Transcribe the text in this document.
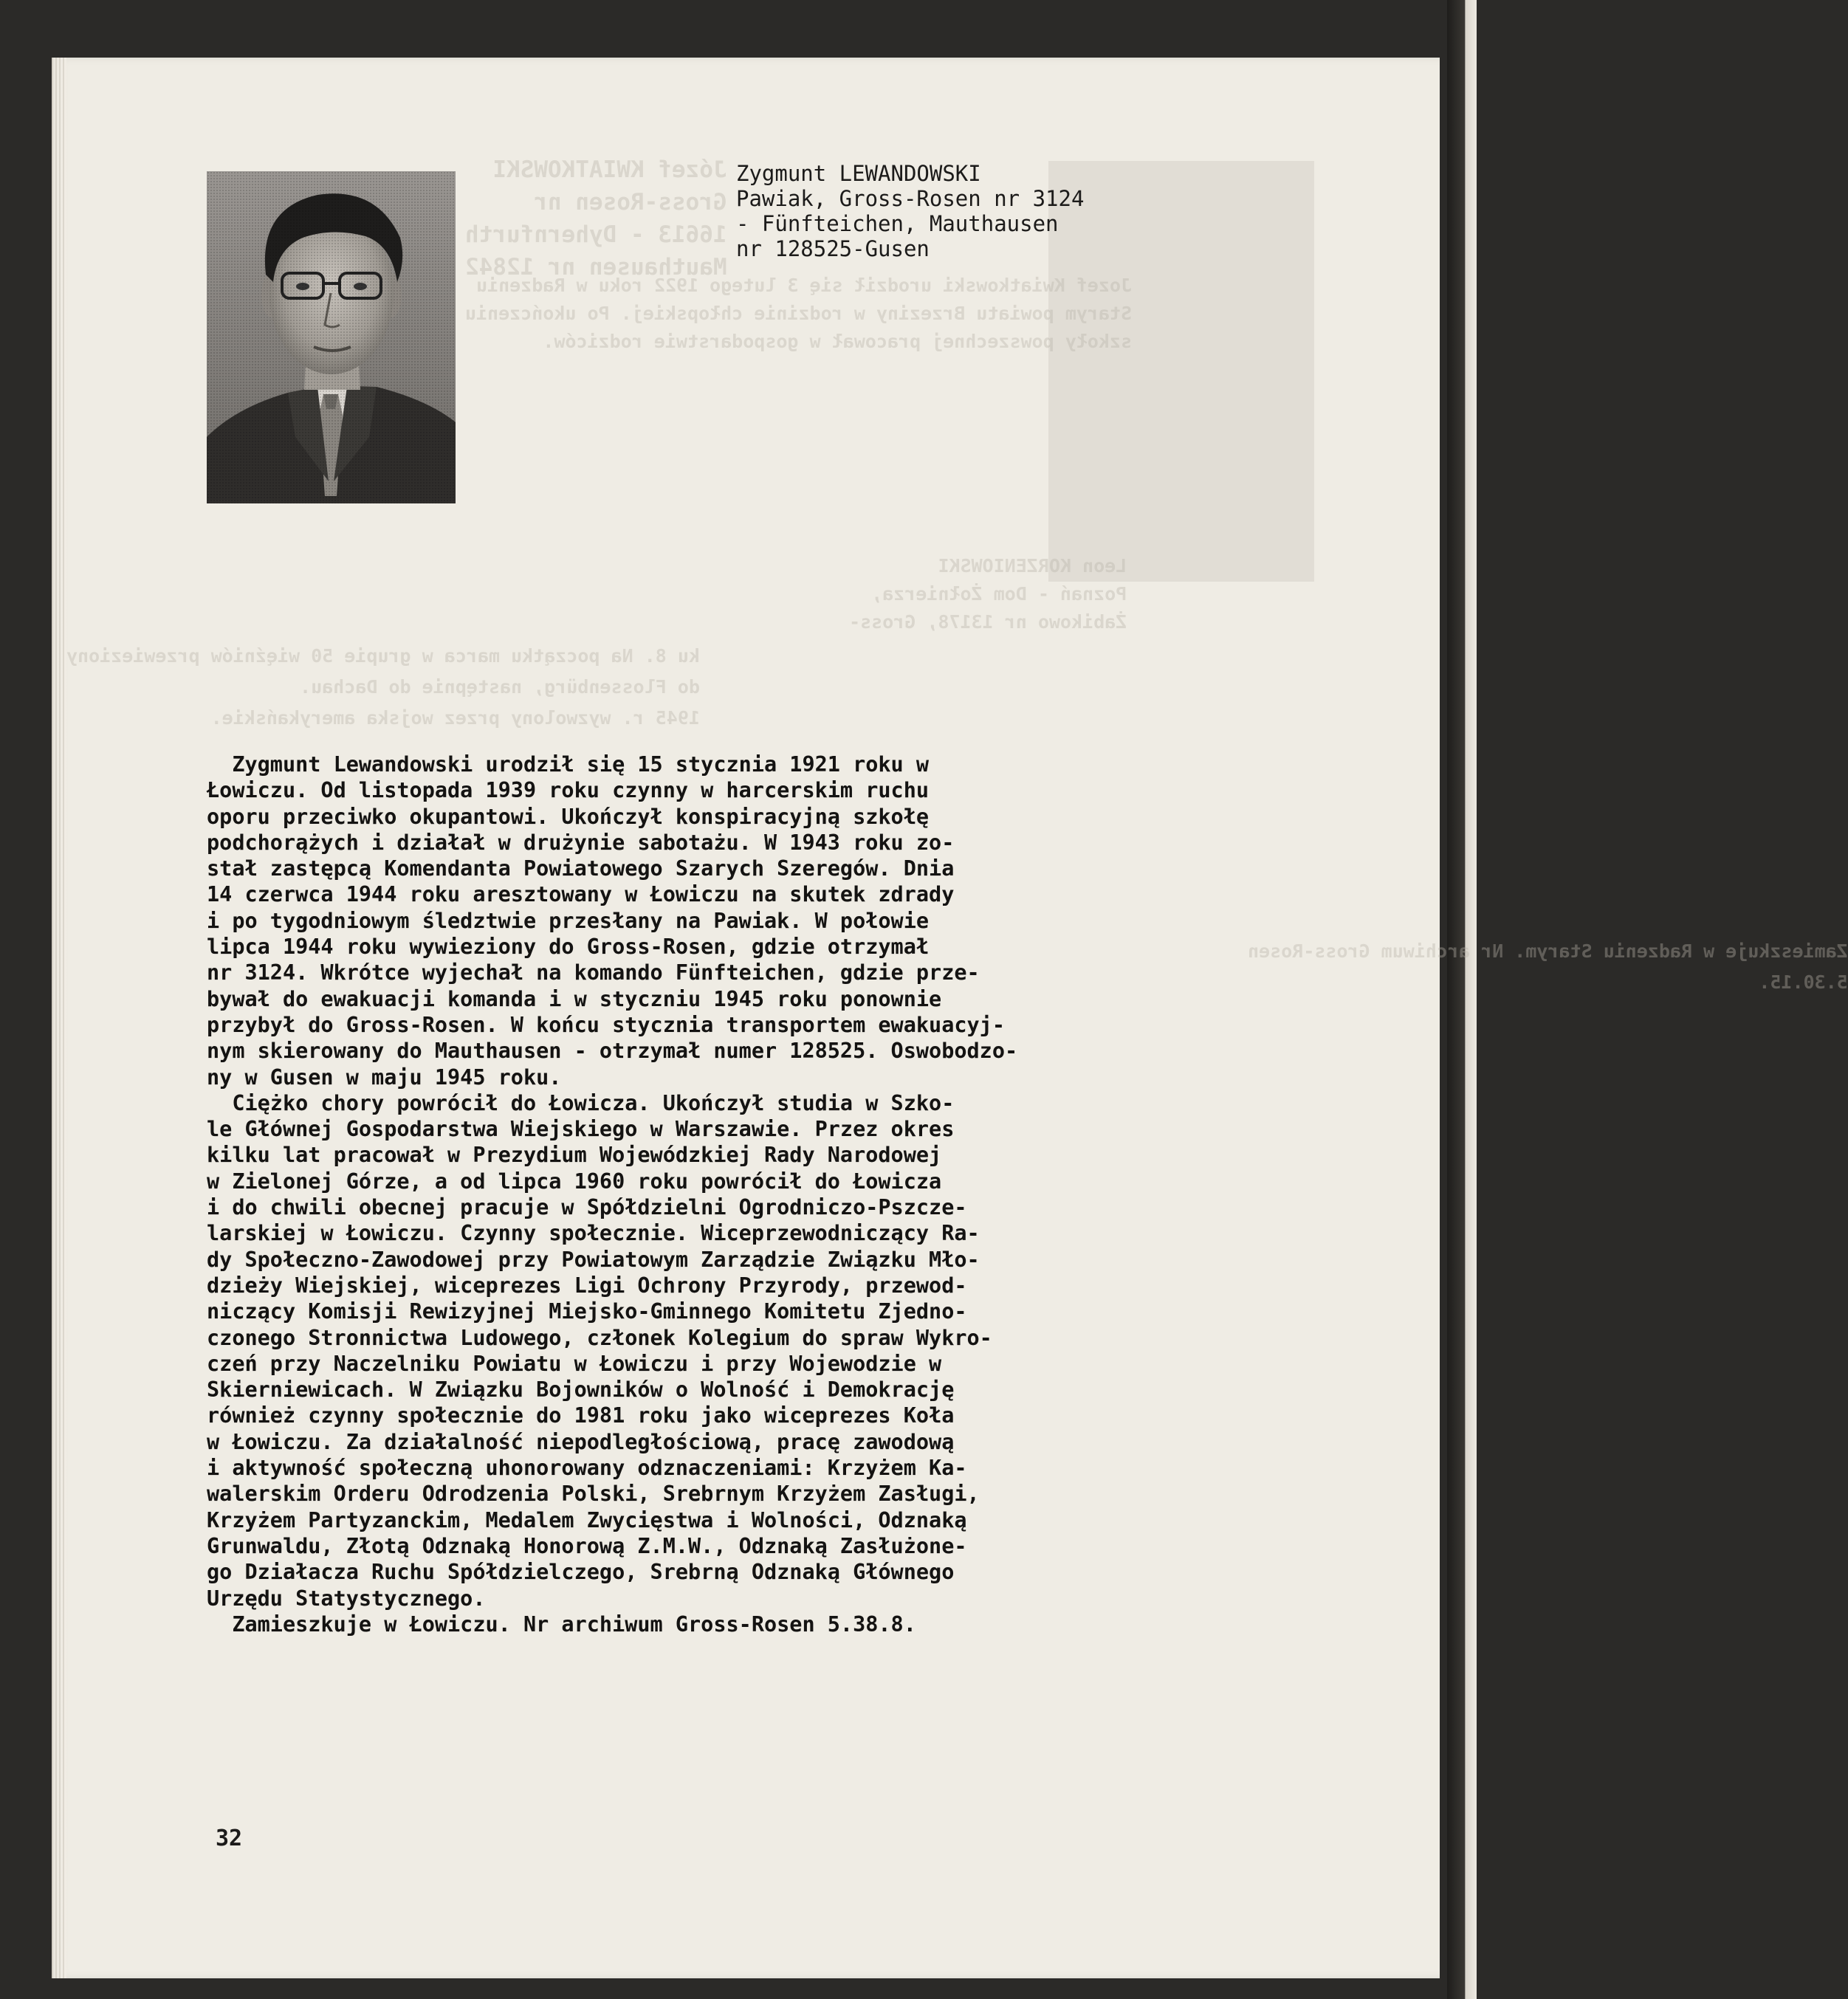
Józef KWIATKOWSKI
Gross-Rosen nr
16613 - Dyhernfurth
Mauthausen nr 12842
Jozef Kwiatkowski urodził się 3 lutego 1922 roku w Radzeniu
Starym powiatu Brzeziny w rodzinie chłopskiej. Po ukończeniu
szkoły powszechnej pracował w gospodarstwie rodziców.
Leon KORZENIOWSKI
Poznań - Dom Żołnierza,
Żabikowo nr 13178, Gross-
ku 8. Na początku marca w grupie 50 więźniów przewieziony
do Flossenbürg, następnie do Dachau.
1945 r. wyzwolony przez wojska amerykańskie.
Zamieszkuje w Radzeniu Starym. Nr archiwum Gross-Rosen
5.30.15.
Zygmunt LEWANDOWSKI
Pawiak, Gross-Rosen nr 3124
- Fünfteichen, Mauthausen
nr 128525-Gusen
Zygmunt Lewandowski urodził się 15 stycznia 1921 roku w
Łowiczu. Od listopada 1939 roku czynny w harcerskim ruchu
oporu przeciwko okupantowi. Ukończył konspiracyjną szkołę
podchorążych i działał w drużynie sabotażu. W 1943 roku zo-
stał zastępcą Komendanta Powiatowego Szarych Szeregów. Dnia
14 czerwca 1944 roku aresztowany w Łowiczu na skutek zdrady
i po tygodniowym śledztwie przesłany na Pawiak. W połowie
lipca 1944 roku wywieziony do Gross-Rosen, gdzie otrzymał
nr 3124. Wkrótce wyjechał na komando Fünfteichen, gdzie prze-
bywał do ewakuacji komanda i w styczniu 1945 roku ponownie
przybył do Gross-Rosen. W końcu stycznia transportem ewakuacyj-
nym skierowany do Mauthausen - otrzymał numer 128525. Oswobodzo-
ny w Gusen w maju 1945 roku.
Ciężko chory powrócił do Łowicza. Ukończył studia w Szko-
le Głównej Gospodarstwa Wiejskiego w Warszawie. Przez okres
kilku lat pracował w Prezydium Wojewódzkiej Rady Narodowej
w Zielonej Górze, a od lipca 1960 roku powrócił do Łowicza
i do chwili obecnej pracuje w Spółdzielni Ogrodniczo-Pszcze-
larskiej w Łowiczu. Czynny społecznie. Wiceprzewodniczący Ra-
dy Społeczno-Zawodowej przy Powiatowym Zarządzie Związku Mło-
dzieży Wiejskiej, wiceprezes Ligi Ochrony Przyrody, przewod-
niczący Komisji Rewizyjnej Miejsko-Gminnego Komitetu Zjedno-
czonego Stronnictwa Ludowego, członek Kolegium do spraw Wykro-
czeń przy Naczelniku Powiatu w Łowiczu i przy Wojewodzie w
Skierniewicach. W Związku Bojowników o Wolność i Demokrację
również czynny społecznie do 1981 roku jako wiceprezes Koła
w Łowiczu. Za działalność niepodległościową, pracę zawodową
i aktywność społeczną uhonorowany odznaczeniami: Krzyżem Ka-
walerskim Orderu Odrodzenia Polski, Srebrnym Krzyżem Zasługi,
Krzyżem Partyzanckim, Medalem Zwycięstwa i Wolności, Odznaką
Grunwaldu, Złotą Odznaką Honorową Z.M.W., Odznaką Zasłużone-
go Działacza Ruchu Spółdzielczego, Srebrną Odznaką Głównego
Urzędu Statystycznego.
Zamieszkuje w Łowiczu. Nr archiwum Gross-Rosen 5.38.8.
32
